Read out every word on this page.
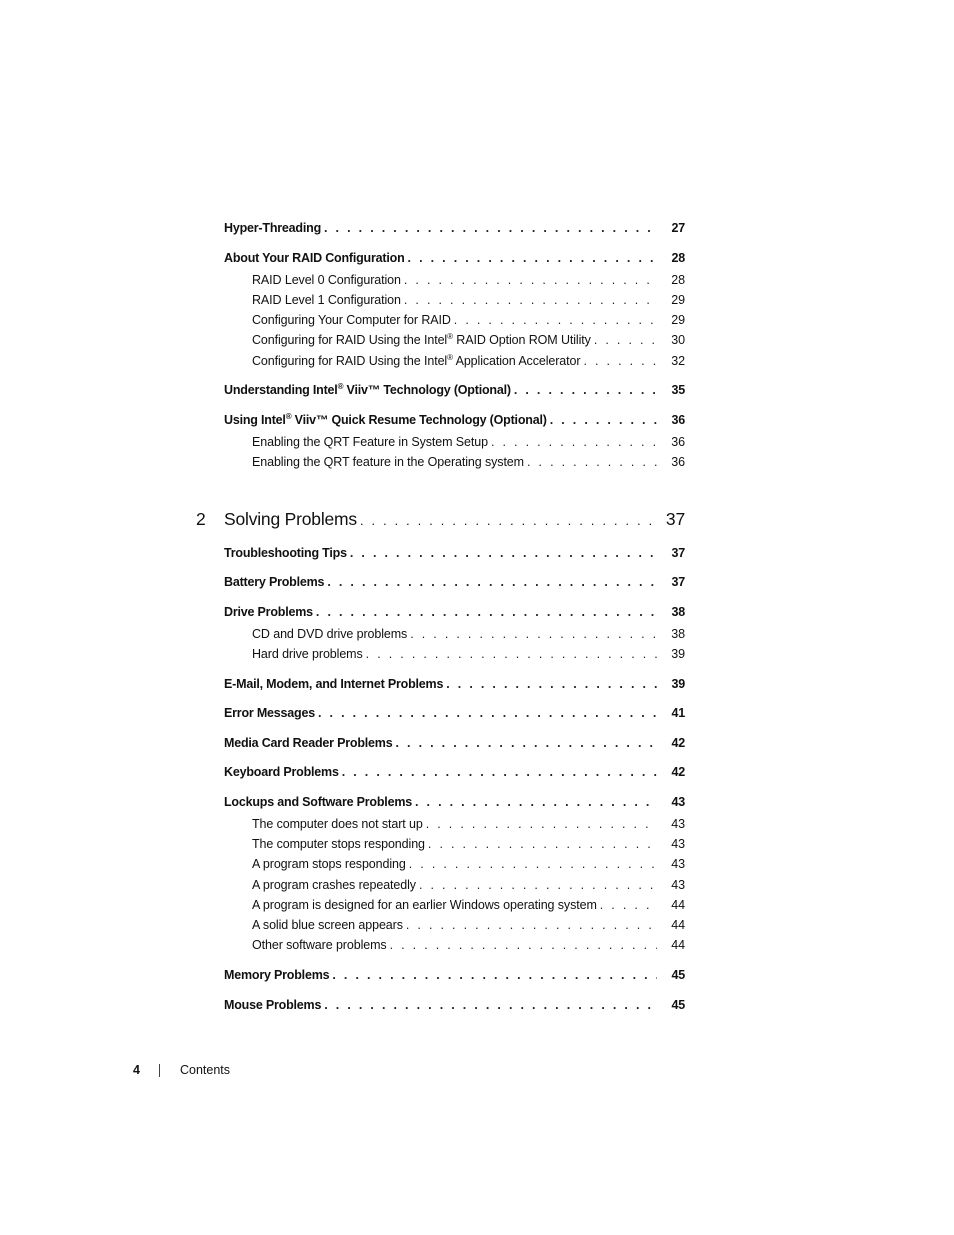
Hyper-Threading . . .	27
About Your RAID Configuration . . .	28
RAID Level 0 Configuration . . .	28
RAID Level 1 Configuration . . .	29
Configuring Your Computer for RAID . . .	29
Configuring for RAID Using the Intel® RAID Option ROM Utility . . .	30
Configuring for RAID Using the Intel® Application Accelerator . . .	32
Understanding Intel® Viiv™ Technology (Optional) . . .	35
Using Intel® Viiv™ Quick Resume Technology (Optional) . . .	36
Enabling the QRT Feature in System Setup . . .	36
Enabling the QRT feature in the Operating system . . .	36
2	Solving Problems . . .	37
Troubleshooting Tips . . .	37
Battery Problems . . .	37
Drive Problems . . .	38
CD and DVD drive problems . . .	38
Hard drive problems . . .	39
E-Mail, Modem, and Internet Problems . . .	39
Error Messages . . .	41
Media Card Reader Problems . . .	42
Keyboard Problems . . .	42
Lockups and Software Problems . . .	43
The computer does not start up . . .	43
The computer stops responding . . .	43
A program stops responding . . .	43
A program crashes repeatedly . . .	43
A program is designed for an earlier Windows operating system . . .	44
A solid blue screen appears . . .	44
Other software problems . . .	44
Memory Problems . . .	45
Mouse Problems . . .	45
4	Contents
